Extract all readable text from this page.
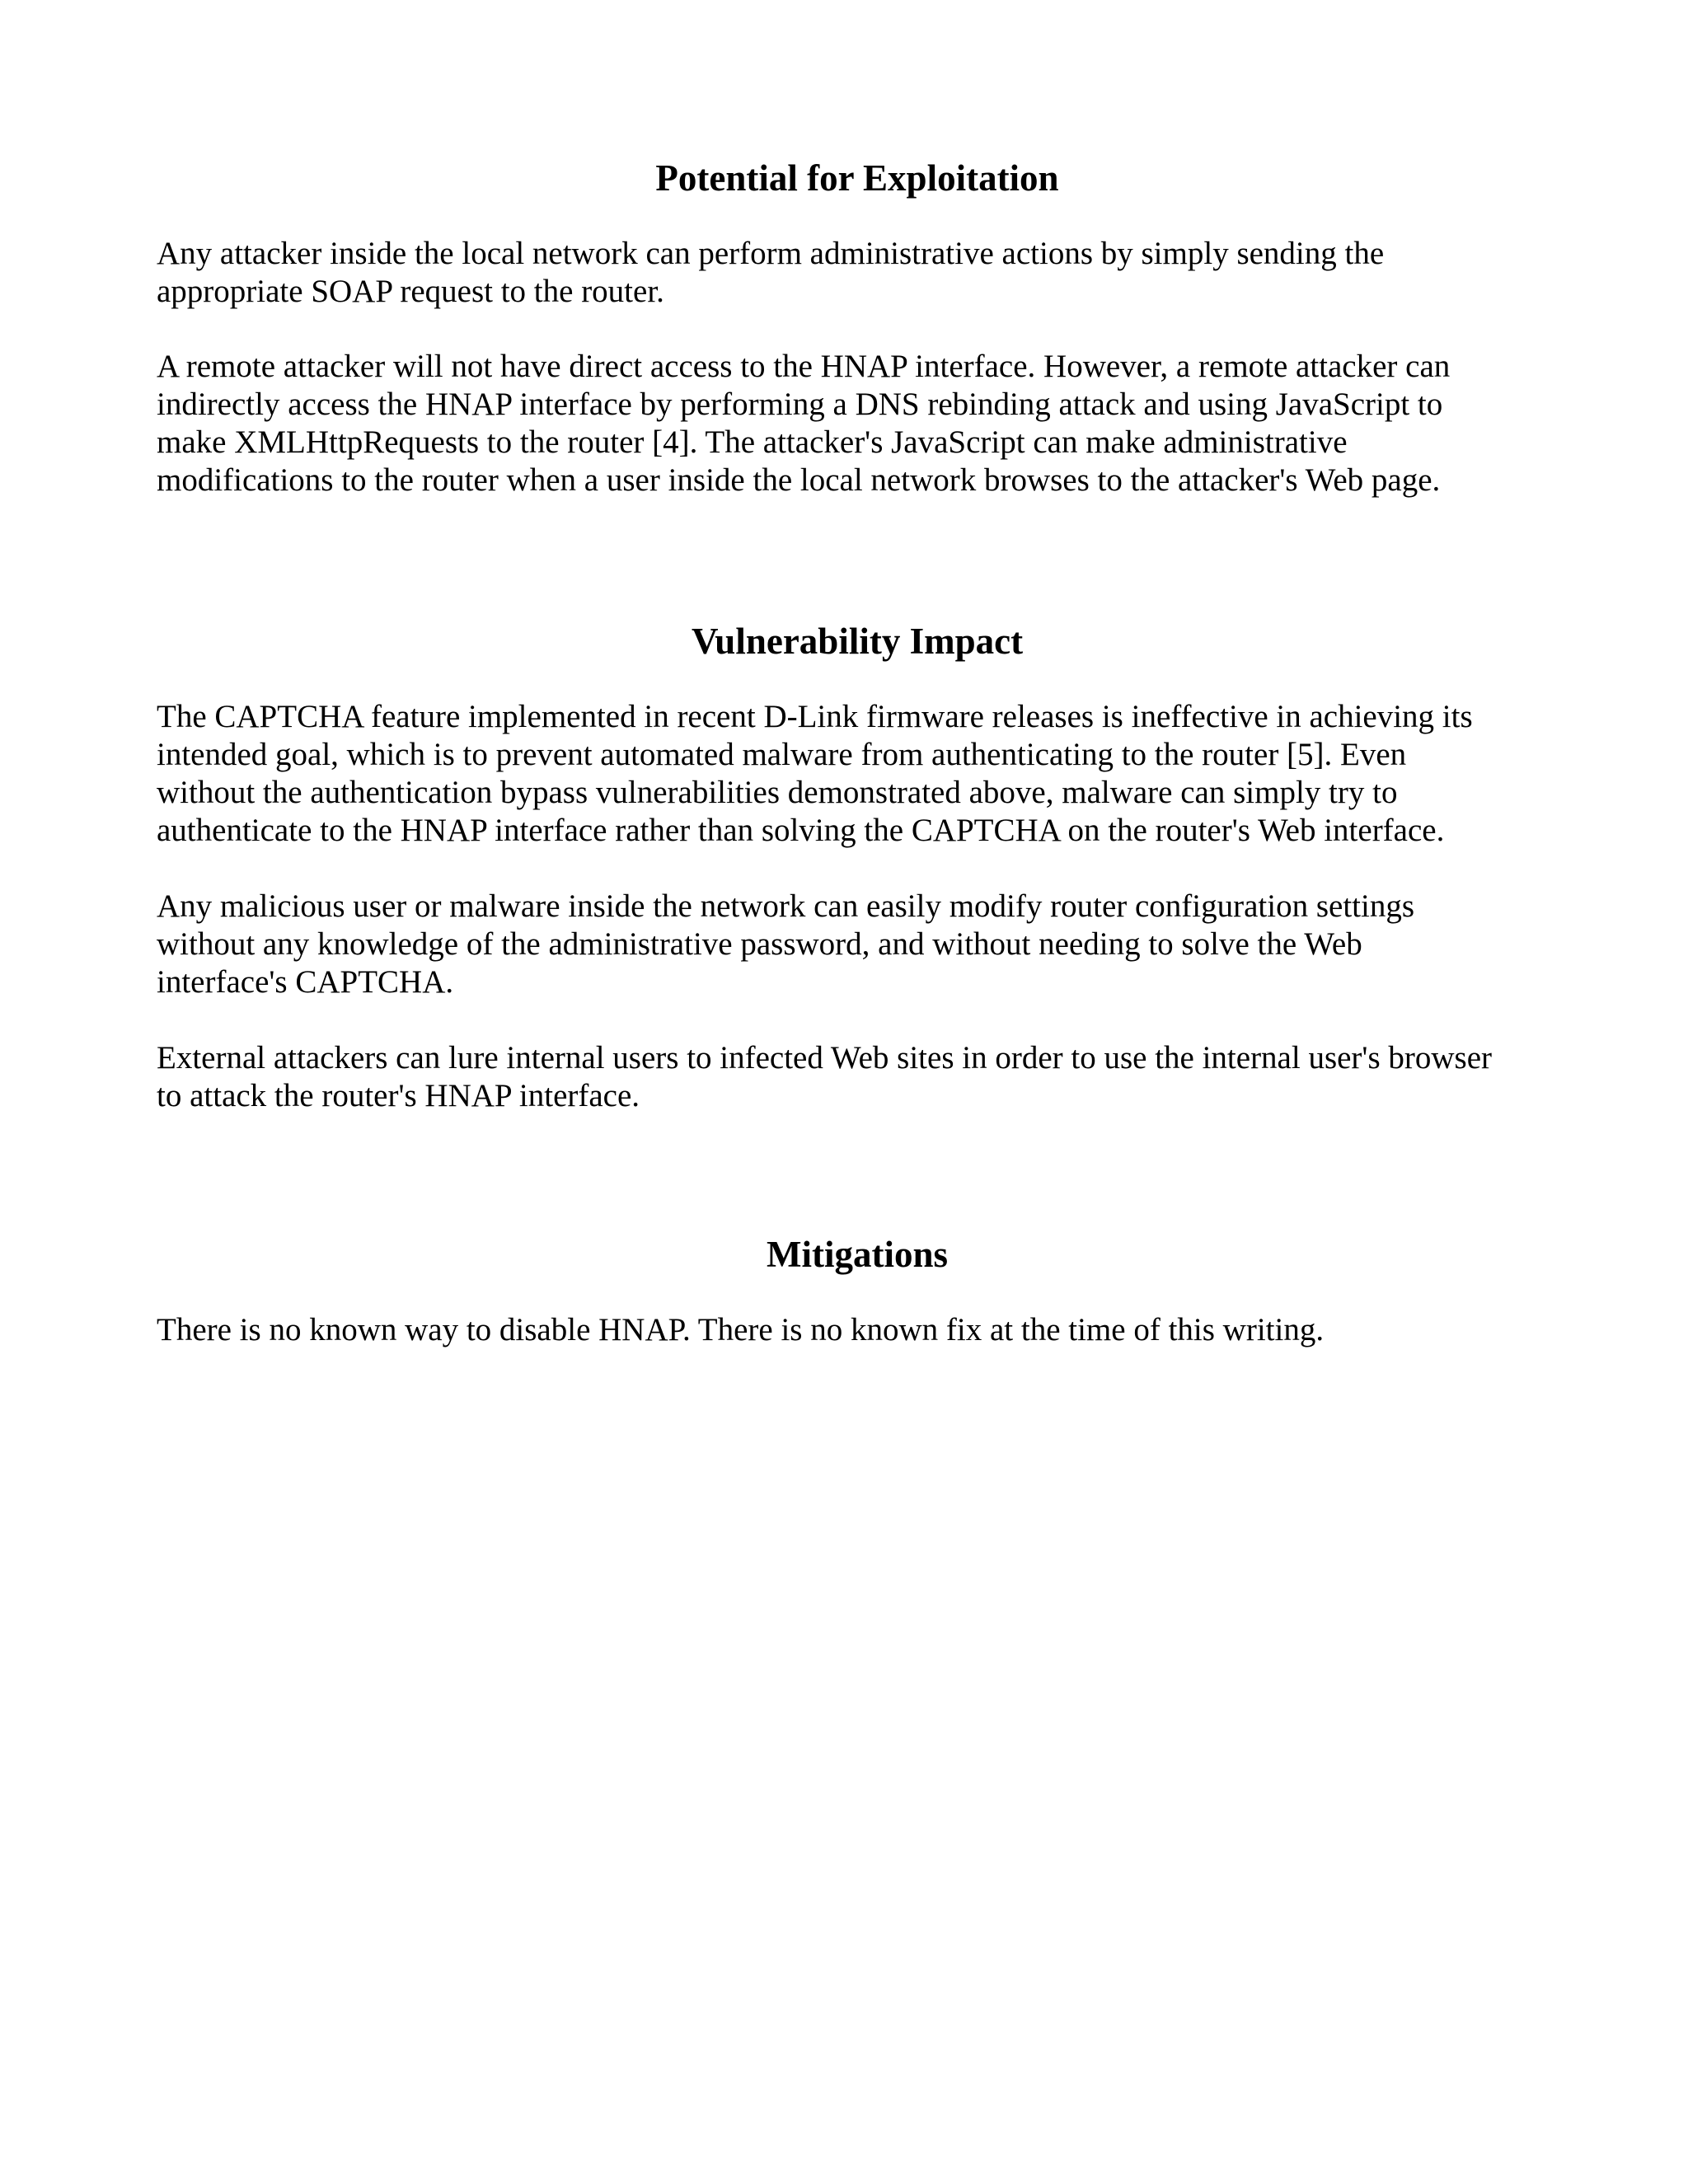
Potential for Exploitation

Any attacker inside the local network can perform administrative actions by simply sending the
appropriate SOAP request to the router.

A remote attacker will not have direct access to the HNAP interface. However, a remote attacker can
indirectly access the HNAP interface by performing a DNS rebinding attack and using JavaScript to
make XMLHttpRequests to the router [4]. The attacker's JavaScript can make administrative
modifications to the router when a user inside the local network browses to the attacker's Web page.

Vulnerability Impact

The CAPTCHA feature implemented in recent D-Link firmware releases is ineffective in achieving its
intended goal, which is to prevent automated malware from authenticating to the router [5]. Even
without the authentication bypass vulnerabilities demonstrated above, malware can simply try to
authenticate to the HNAP interface rather than solving the CAPTCHA on the router's Web interface.

Any malicious user or malware inside the network can easily modify router configuration settings
without any knowledge of the administrative password, and without needing to solve the Web
interface's CAPTCHA.

External attackers can lure internal users to infected Web sites in order to use the internal user's browser
to attack the router's HNAP interface.

Mitigations

There is no known way to disable HNAP. There is no known fix at the time of this writing.
